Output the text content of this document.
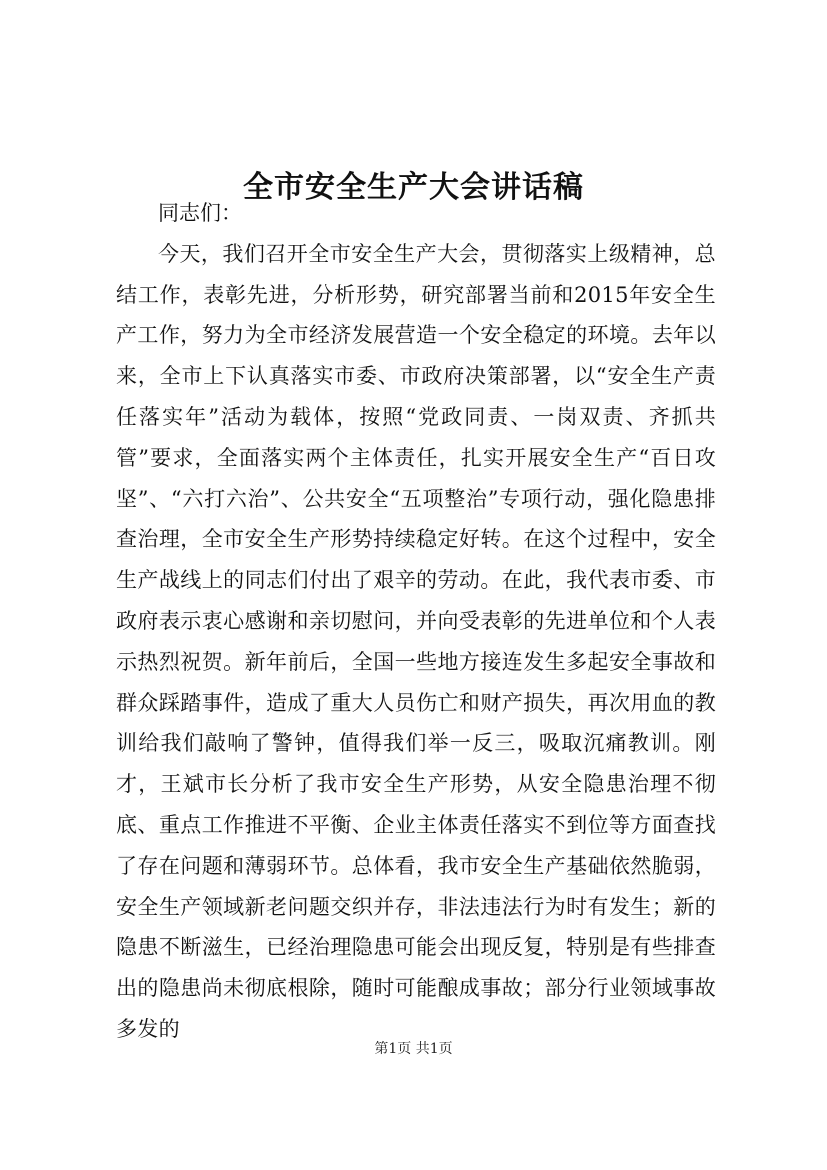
全市安全生产大会讲话稿

同志们：

今天，我们召开全市安全生产大会，贯彻落实上级精神，总结工作，表彰先进，分析形势，研究部署当前和2015年安全生产工作，努力为全市经济发展营造一个安全稳定的环境。去年以来，全市上下认真落实市委、市政府决策部署，以“安全生产责任落实年”活动为载体，按照“党政同责、一岗双责、齐抓共管”要求，全面落实两个主体责任，扎实开展安全生产“百日攻坚”、“六打六治”、公共安全“五项整治”专项行动，强化隐患排查治理，全市安全生产形势持续稳定好转。在这个过程中，安全生产战线上的同志们付出了艰辛的劳动。在此，我代表市委、市政府表示衷心感谢和亲切慰问，并向受表彰的先进单位和个人表示热烈祝贺。新年前后，全国一些地方接连发生多起安全事故和群众踩踏事件，造成了重大人员伤亡和财产损失，再次用血的教训给我们敲响了警钟，值得我们举一反三，吸取沉痛教训。刚才，王斌市长分析了我市安全生产形势，从安全隐患治理不彻底、重点工作推进不平衡、企业主体责任落实不到位等方面查找了存在问题和薄弱环节。总体看，我市安全生产基础依然脆弱，安全生产领域新老问题交织并存，非法违法行为时有发生；新的隐患不断滋生，已经治理隐患可能会出现反复，特别是有些排查出的隐患尚未彻底根除，随时可能酿成事故；部分行业领域事故多发的

第1页 共1页
